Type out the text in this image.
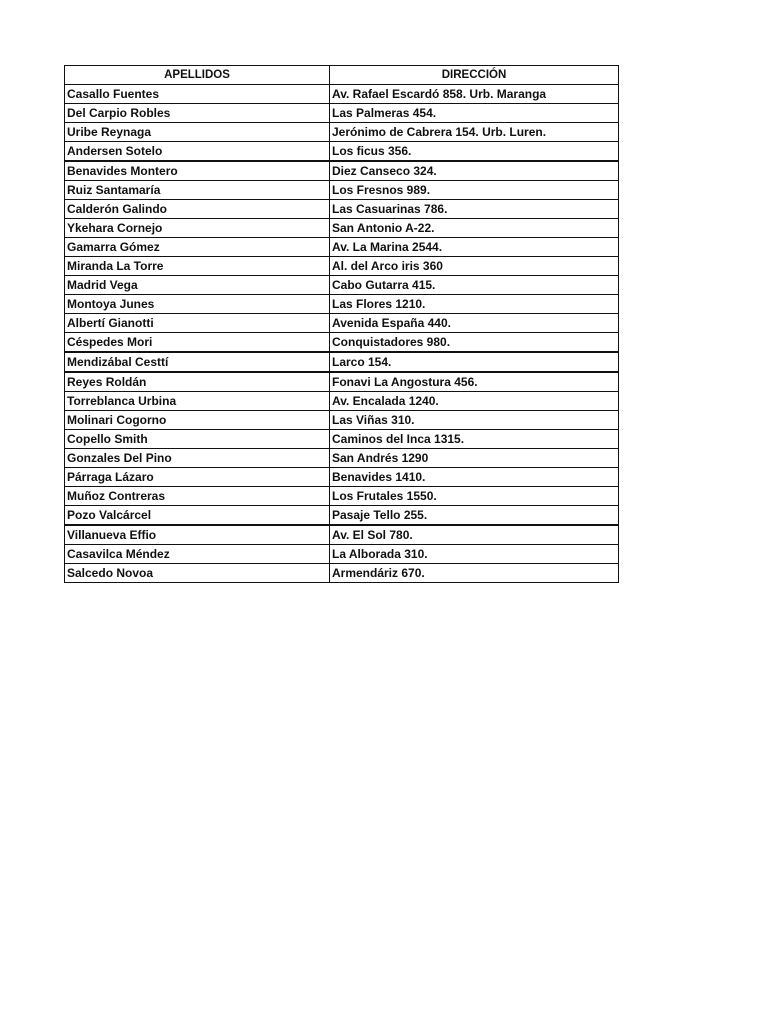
APELLIDOS	DIRECCIÓN
Casallo Fuentes	Av. Rafael Escardó 858. Urb. Maranga
Del Carpio Robles	Las Palmeras 454.
Uribe Reynaga	Jerónimo de Cabrera 154. Urb. Luren.
Andersen Sotelo	Los ficus 356.
Benavides Montero	Diez Canseco 324.
Ruiz Santamaría	Los Fresnos 989.
Calderón Galindo	Las Casuarinas 786.
Ykehara Cornejo	San Antonio A-22.
Gamarra Gómez	Av. La Marina 2544.
Miranda La Torre	Al. del Arco iris 360
Madrid Vega	Cabo Gutarra 415.
Montoya Junes	Las Flores 1210.
Albertí Gianotti	Avenida España 440.
Céspedes Mori	Conquistadores 980.
Mendizábal Cesttí	Larco 154.
Reyes Roldán	Fonavi La Angostura 456.
Torreblanca Urbina	Av. Encalada 1240.
Molinari Cogorno	Las Viñas 310.
Copello Smith	Caminos del Inca 1315.
Gonzales Del Pino	San Andrés 1290
Párraga Lázaro	Benavides 1410.
Muñoz Contreras	Los Frutales 1550.
Pozo Valcárcel	Pasaje Tello 255.
Villanueva Effio	Av. El Sol 780.
Casavilca Méndez	La Alborada 310.
Salcedo Novoa	Armendáriz 670.
